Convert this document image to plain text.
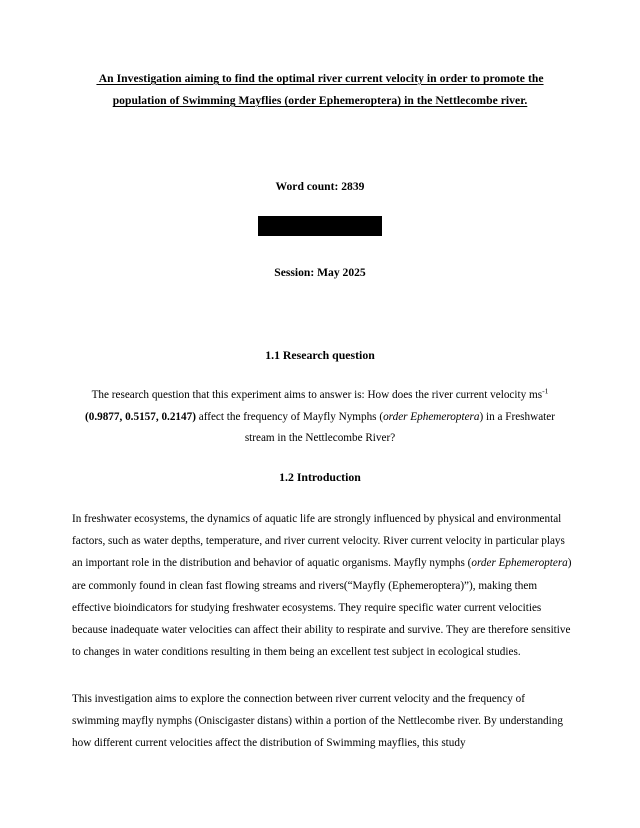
An Investigation aiming to find the optimal river current velocity in order to promote the
population of Swimming Mayflies (order Ephemeroptera) in the Nettlecombe river.
Word count: 2839
Session: May 2025
1.1 Research question
The research question that this experiment aims to answer is: How does the river current velocity $ms^{-1}$ (0.9877, 0.5157, 0.2147) affect the frequency of Mayfly Nymphs (order Ephemeroptera) in a Freshwater stream in the Nettlecombe River?
1.2 Introduction
In freshwater ecosystems, the dynamics of aquatic life are strongly influenced by physical and environmental factors, such as water depths, temperature, and river current velocity. River current velocity in particular plays an important role in the distribution and behavior of aquatic organisms. Mayfly nymphs (order Ephemeroptera) are commonly found in clean fast flowing streams and rivers(“Mayfly (Ephemeroptera)”), making them effective bioindicators for studying freshwater ecosystems. They require specific water current velocities because inadequate water velocities can affect their ability to respirate and survive. They are therefore sensitive to changes in water conditions resulting in them being an excellent test subject in ecological studies.
This investigation aims to explore the connection between river current velocity and the frequency of swimming mayfly nymphs (Oniscigaster distans) within a portion of the Nettlecombe river. By understanding how different current velocities affect the distribution of Swimming mayflies, this study
